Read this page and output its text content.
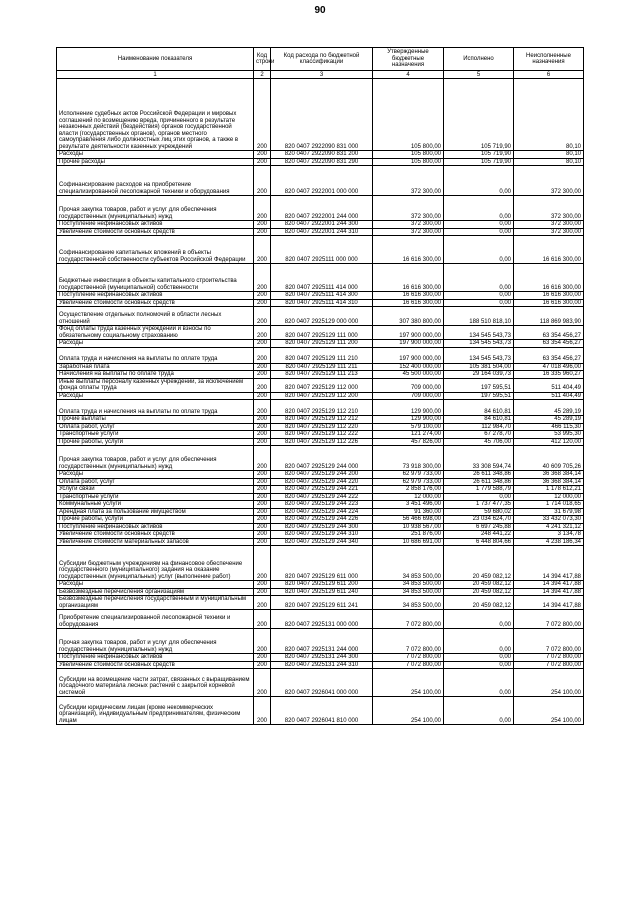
90
Наименование показателя	Код строки	Код расхода по бюджетной классификации	Утвержденные бюджетные назначения	Исполнено	Неисполненные назначения
1	2	3	4	5	6
Исполнение судебных актов Российской Федерации и мировых соглашений по возмещению вреда, причиненного в результате незаконных действий (бездействия) органов государственной власти (государственных органов), органов местного самоуправления либо должностных лиц этих органов, а также в результате деятельности казенных учреждений	200	820 0407 2922090 831 000	105 800,00	105 719,90	80,10
Расходы	200	820 0407 2922090 831 200	105 800,00	105 719,90	80,10
Прочие расходы	200	820 0407 2922090 831 290	105 800,00	105 719,90	80,10
Софинансирование расходов на приобретение специализированной лесопожарной техники и оборудования	200	820 0407 2922001 000 000	372 300,00	0,00	372 300,00
Прочая закупка товаров, работ и услуг для обеспечения государственных (муниципальных) нужд	200	820 0407 2922001 244 000	372 300,00	0,00	372 300,00
Поступление нефинансовых активов	200	820 0407 2922001 244 300	372 300,00	0,00	372 300,00
Увеличение стоимости основных средств	200	820 0407 2922001 244 310	372 300,00	0,00	372 300,00
Софинансирование капитальных вложений в объекты государственной собственности субъектов Российской Федерации	200	820 0407 2925111 000 000	16 616 300,00	0,00	16 616 300,00
Бюджетные инвестиции в объекты капитального строительства государственной (муниципальной) собственности	200	820 0407 2925111 414 000	16 616 300,00	0,00	16 616 300,00
Поступление нефинансовых активов	200	820 0407 2925111 414 300	16 616 300,00	0,00	16 616 300,00
Увеличение стоимости основных средств	200	820 0407 2925111 414 310	16 616 300,00	0,00	16 616 300,00
Осуществление отдельных полномочий в области лесных отношений	200	820 0407 2925129 000 000	307 380 800,00	188 510 818,10	118 869 983,90
Фонд оплаты труда казенных учреждений и взносы по обязательному социальному страхованию	200	820 0407 2925129 111 000	197 900 000,00	134 545 543,73	63 354 456,27
Расходы	200	820 0407 2925129 111 200	197 900 000,00	134 545 543,73	63 354 456,27
Оплата труда и начисления на выплаты по оплате труда	200	820 0407 2925129 111 210	197 900 000,00	134 545 543,73	63 354 456,27
Заработная плата	200	820 0407 2925129 111 211	152 400 000,00	105 381 504,00	47 018 496,00
Начисления на выплаты по оплате труда	200	820 0407 2925129 111 213	45 500 000,00	29 164 039,73	16 335 960,27
Иные выплаты персоналу казенных учреждений, за исключением фонда оплаты труда	200	820 0407 2925129 112 000	709 000,00	197 595,51	511 404,49
Расходы	200	820 0407 2925129 112 200	709 000,00	197 595,51	511 404,49
Оплата труда и начисления на выплаты по оплате труда	200	820 0407 2925129 112 210	129 900,00	84 610,81	45 289,19
Прочие выплаты	200	820 0407 2925129 112 212	129 900,00	84 610,81	45 289,19
Оплата работ, услуг	200	820 0407 2925129 112 220	579 100,00	112 984,70	466 115,30
Транспортные услуги	200	820 0407 2925129 112 222	121 274,00	67 278,70	53 995,30
Прочие работы, услуги	200	820 0407 2925129 112 226	457 826,00	45 706,00	412 120,00
Прочая закупка товаров, работ и услуг для обеспечения государственных (муниципальных) нужд	200	820 0407 2925129 244 000	73 918 300,00	33 308 594,74	40 609 705,26
Расходы	200	820 0407 2925129 244 200	62 979 733,00	26 611 348,86	36 368 384,14
Оплата работ, услуг	200	820 0407 2925129 244 220	62 979 733,00	26 611 348,86	36 368 384,14
Услуги связи	200	820 0407 2925129 244 221	2 858 176,00	1 779 588,79	1 178 612,21
Транспортные услуги	200	820 0407 2925129 244 222	12 000,00	0,00	12 000,00
Коммунальные услуги	200	820 0407 2925129 244 223	3 451 496,00	1 737 477,35	1 714 018,65
Арендная плата за пользование имуществом	200	820 0407 2925129 244 224	91 360,00	59 680,02	31 679,98
Прочие работы, услуги	200	820 0407 2925129 244 226	56 466 698,00	23 034 624,70	33 432 073,30
Поступление нефинансовых активов	200	820 0407 2925129 244 300	10 938 567,00	6 697 245,88	4 241 321,12
Увеличение стоимости основных средств	200	820 0407 2925129 244 310	251 876,00	248 441,22	3 134,78
Увеличение стоимости материальных запасов	200	820 0407 2925129 244 340	10 686 691,00	6 448 804,66	4 238 186,34
Субсидии бюджетным учреждениям на финансовое обеспечение государственного (муниципального) задания на оказание государственных (муниципальных) услуг (выполнение работ)	200	820 0407 2925129 611 000	34 853 500,00	20 459 082,12	14 394 417,88
Расходы	200	820 0407 2925129 611 200	34 853 500,00	20 459 082,12	14 394 417,88
Безвозмездные перечисления организациям	200	820 0407 2925129 611 240	34 853 500,00	20 459 082,12	14 394 417,88
Безвозмездные перечисления государственным и муниципальным организациям	200	820 0407 2925129 611 241	34 853 500,00	20 459 082,12	14 394 417,88
Приобретение специализированной лесопожарной техники и оборудования	200	820 0407 2925131 000 000	7 072 800,00	0,00	7 072 800,00
Прочая закупка товаров, работ и услуг для обеспечения государственных (муниципальных) нужд	200	820 0407 2925131 244 000	7 072 800,00	0,00	7 072 800,00
Поступление нефинансовых активов	200	820 0407 2925131 244 300	7 072 800,00	0,00	7 072 800,00
Увеличение стоимости основных средств	200	820 0407 2925131 244 310	7 072 800,00	0,00	7 072 800,00
Субсидии на возмещение части затрат, связанных с выращиванием посадочного материала лесных растений с закрытой корневой системой	200	820 0407 2926041 000 000	254 100,00	0,00	254 100,00
Субсидии юридическим лицам (кроме некоммерческих организаций), индивидуальным предпринимателям, физическим лицам	200	820 0407 2926041 810 000	254 100,00	0,00	254 100,00
